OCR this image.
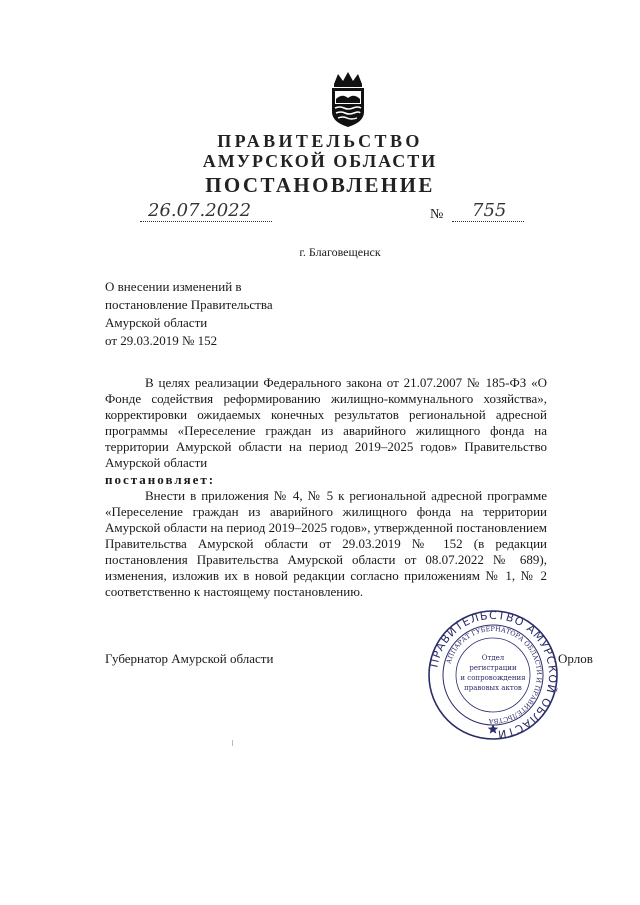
ПРАВИТЕЛЬСТВО
АМУРСКОЙ ОБЛАСТИ
ПОСТАНОВЛЕНИЕ
26.07.2022	№ 755
г. Благовещенск
О внесении изменений в
постановление Правительства
Амурской области
от 29.03.2019 № 152

В целях реализации Федерального закона от 21.07.2007 № 185-ФЗ «О Фонде содействия реформированию жилищно-коммунального хозяйства», корректировки ожидаемых конечных результатов региональной адресной программы «Переселение граждан из аварийного жилищного фонда на территории Амурской области на период 2019–2025 годов» Правительство Амурской области

постановляет:

Внести в приложения № 4, № 5 к региональной адресной программе «Переселение граждан из аварийного жилищного фонда на территории Амурской области на период 2019–2025 годов», утвержденной постановлением Правительства Амурской области от 29.03.2019 № 152 (в редакции постановления Правительства Амурской области от 08.07.2022 № 689), изменения, изложив их в новой редакции согласно приложениям № 1, № 2 соответственно к настоящему постановлению.

Губернатор Амурской области	Орлов
ПРАВИТЕЛЬСТВО АМУРСКОЙ ОБЛАСТИ
АППАРАТ ГУБЕРНАТОРА ОБЛАСТИ И ПРАВИТЕЛЬСТВА
Отдел
регистрации
и сопровождения
правовых актов
